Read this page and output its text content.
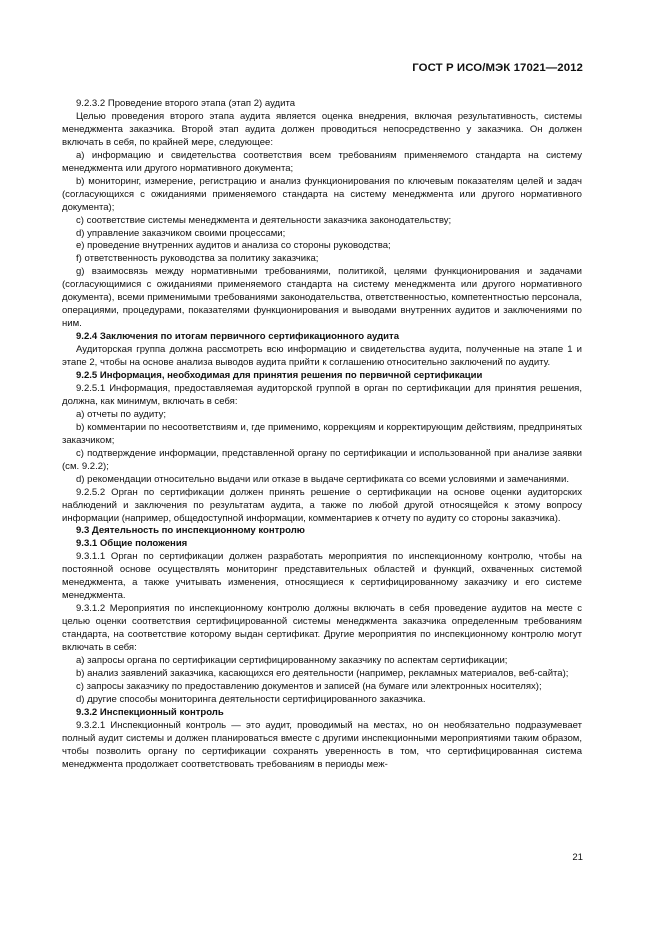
ГОСТ Р ИСО/МЭК 17021—2012

9.2.3.2 Проведение второго этапа (этап 2) аудита

Целью проведения второго этапа аудита является оценка внедрения, включая результативность, системы менеджмента заказчика. Второй этап аудита должен проводиться непосредственно у заказчика. Он должен включать в себя, по крайней мере, следующее:

a) информацию и свидетельства соответствия всем требованиям применяемого стандарта на систему менеджмента или другого нормативного документа;

b) мониторинг, измерение, регистрацию и анализ функционирования по ключевым показателям целей и задач (согласующихся с ожиданиями применяемого стандарта на систему менеджмента или другого нормативного документа);

c) соответствие системы менеджмента и деятельности заказчика законодательству;

d) управление заказчиком своими процессами;

e) проведение внутренних аудитов и анализа со стороны руководства;

f) ответственность руководства за политику заказчика;

g) взаимосвязь между нормативными требованиями, политикой, целями функционирования и задачами (согласующимися с ожиданиями применяемого стандарта на систему менеджмента или другого нормативного документа), всеми применимыми требованиями законодательства, ответственностью, компетентностью персонала, операциями, процедурами, показателями функционирования и выводами внутренних аудитов и заключениями по ним.

9.2.4 Заключения по итогам первичного сертификационного аудита

Аудиторская группа должна рассмотреть всю информацию и свидетельства аудита, полученные на этапе 1 и этапе 2, чтобы на основе анализа выводов аудита прийти к соглашению относительно заключений по аудиту.

9.2.5 Информация, необходимая для принятия решения по первичной сертификации

9.2.5.1 Информация, предоставляемая аудиторской группой в орган по сертификации для принятия решения, должна, как минимум, включать в себя:

a) отчеты по аудиту;

b) комментарии по несоответствиям и, где применимо, коррекциям и корректирующим действиям, предпринятых заказчиком;

c) подтверждение информации, представленной органу по сертификации и использованной при анализе заявки (см. 9.2.2);

d) рекомендации относительно выдачи или отказе в выдаче сертификата со всеми условиями и замечаниями.

9.2.5.2 Орган по сертификации должен принять решение о сертификации на основе оценки аудиторских наблюдений и заключения по результатам аудита, а также по любой другой относящейся к этому вопросу информации (например, общедоступной информации, комментариев к отчету по аудиту со стороны заказчика).

9.3 Деятельность по инспекционному контролю

9.3.1 Общие положения

9.3.1.1 Орган по сертификации должен разработать мероприятия по инспекционному контролю, чтобы на постоянной основе осуществлять мониторинг представительных областей и функций, охваченных системой менеджмента, а также учитывать изменения, относящиеся к сертифицированному заказчику и его системе менеджмента.

9.3.1.2 Мероприятия по инспекционному контролю должны включать в себя проведение аудитов на месте с целью оценки соответствия сертифицированной системы менеджмента заказчика определенным требованиям стандарта, на соответствие которому выдан сертификат. Другие мероприятия по инспекционному контролю могут включать в себя:

a) запросы органа по сертификации сертифицированному заказчику по аспектам сертификации;

b) анализ заявлений заказчика, касающихся его деятельности (например, рекламных материалов, веб-сайта);

c) запросы заказчику по предоставлению документов и записей (на бумаге или электронных носителях);

d) другие способы мониторинга деятельности сертифицированного заказчика.

9.3.2 Инспекционный контроль

9.3.2.1 Инспекционный контроль — это аудит, проводимый на местах, но он необязательно подразумевает полный аудит системы и должен планироваться вместе с другими инспекционными мероприятиями таким образом, чтобы позволить органу по сертификации сохранять уверенность в том, что сертифицированная система менеджмента продолжает соответствовать требованиям в периоды меж-

21
